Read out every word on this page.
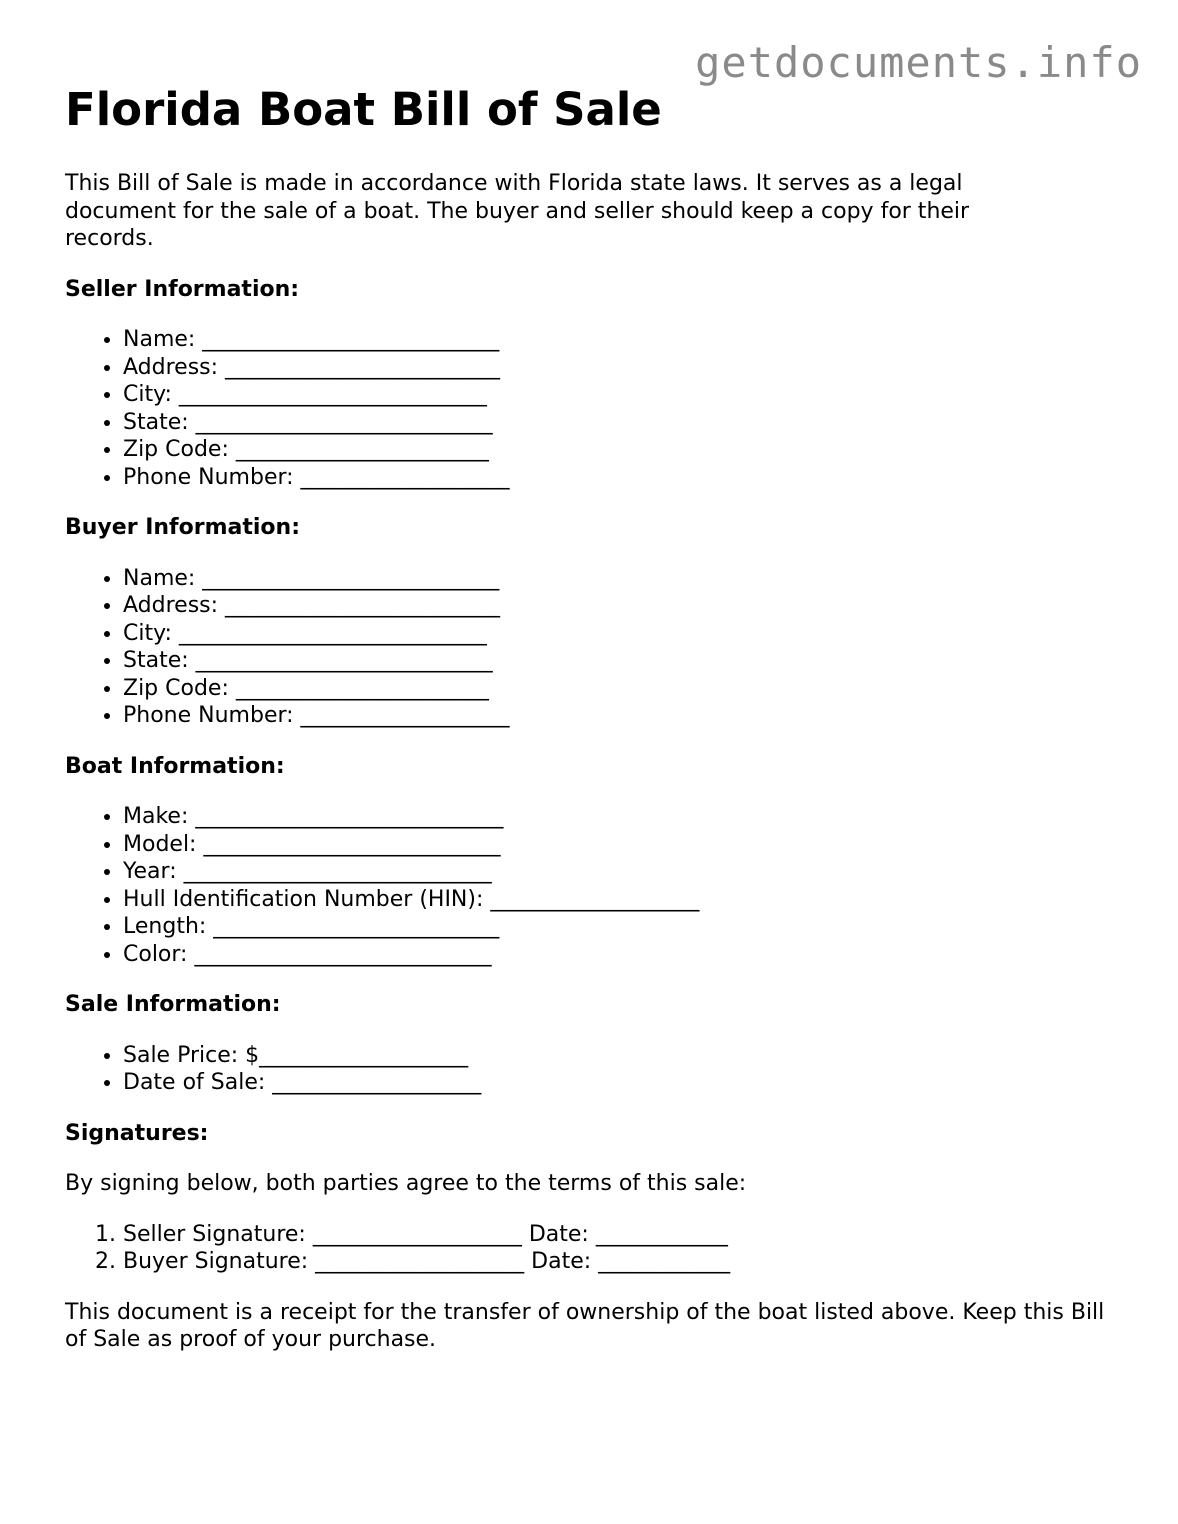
getdocuments.info
Florida Boat Bill of Sale

This Bill of Sale is made in accordance with Florida state laws. It serves as a legal document for the sale of a boat. The buyer and seller should keep a copy for their records.

Seller Information:
• Name: ___________________________
• Address: _________________________
• City: ____________________________
• State: ___________________________
• Zip Code: _______________________
• Phone Number: ___________________
Buyer Information:
• Name: ___________________________
• Address: _________________________
• City: ____________________________
• State: ___________________________
• Zip Code: _______________________
• Phone Number: ___________________
Boat Information:
• Make: ____________________________
• Model: ___________________________
• Year: ____________________________
• Hull Identification Number (HIN): ___________________
• Length: __________________________
• Color: ___________________________
Sale Information:
• Sale Price: $___________________
• Date of Sale: ___________________
Signatures:

By signing below, both parties agree to the terms of this sale:

1. Seller Signature: ___________________ Date: ____________
2. Buyer Signature: ___________________ Date: ____________

This document is a receipt for the transfer of ownership of the boat listed above. Keep this Bill of Sale as proof of your purchase.
